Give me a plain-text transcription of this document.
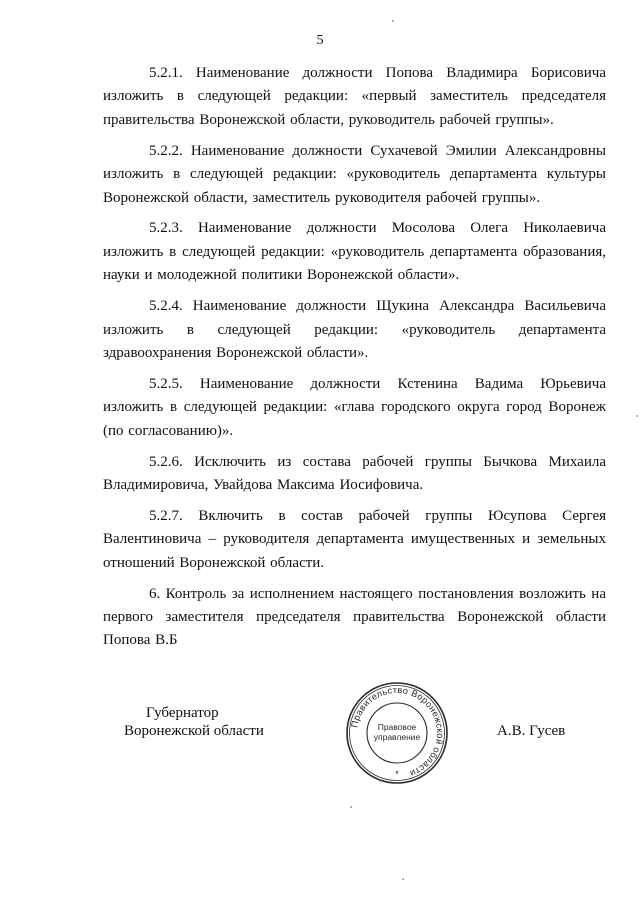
5

5.2.1. Наименование должности Попова Владимира Борисовича изложить в следующей редакции: «первый заместитель председателя правительства Воронежской области, руководитель рабочей группы».

5.2.2. Наименование должности Сухачевой Эмилии Александровны изложить в следующей редакции: «руководитель департамента культуры Воронежской области, заместитель руководителя рабочей группы».

5.2.3. Наименование должности Мосолова Олега Николаевича изложить в следующей редакции: «руководитель департамента образования, науки и молодежной политики Воронежской области».

5.2.4. Наименование должности Щукина Александра Васильевича изложить в следующей редакции: «руководитель департамента здравоохранения Воронежской области».

5.2.5. Наименование должности Кстенина Вадима Юрьевича изложить в следующей редакции: «глава городского округа город Воронеж (по согласованию)».

5.2.6. Исключить из состава рабочей группы Бычкова Михаила Владимировича, Увайдова Максима Иосифовича.

5.2.7. Включить в состав рабочей группы Юсупова Сергея Валентиновича – руководителя департамента имущественных и земельных отношений Воронежской области.

6. Контроль за исполнением настоящего постановления возложить на первого заместителя председателя правительства Воронежской области Попова В.Б

Губернатор
Воронежской области	Правительство Воронежской области
Правовое
управление
*
А.В. Гусев
